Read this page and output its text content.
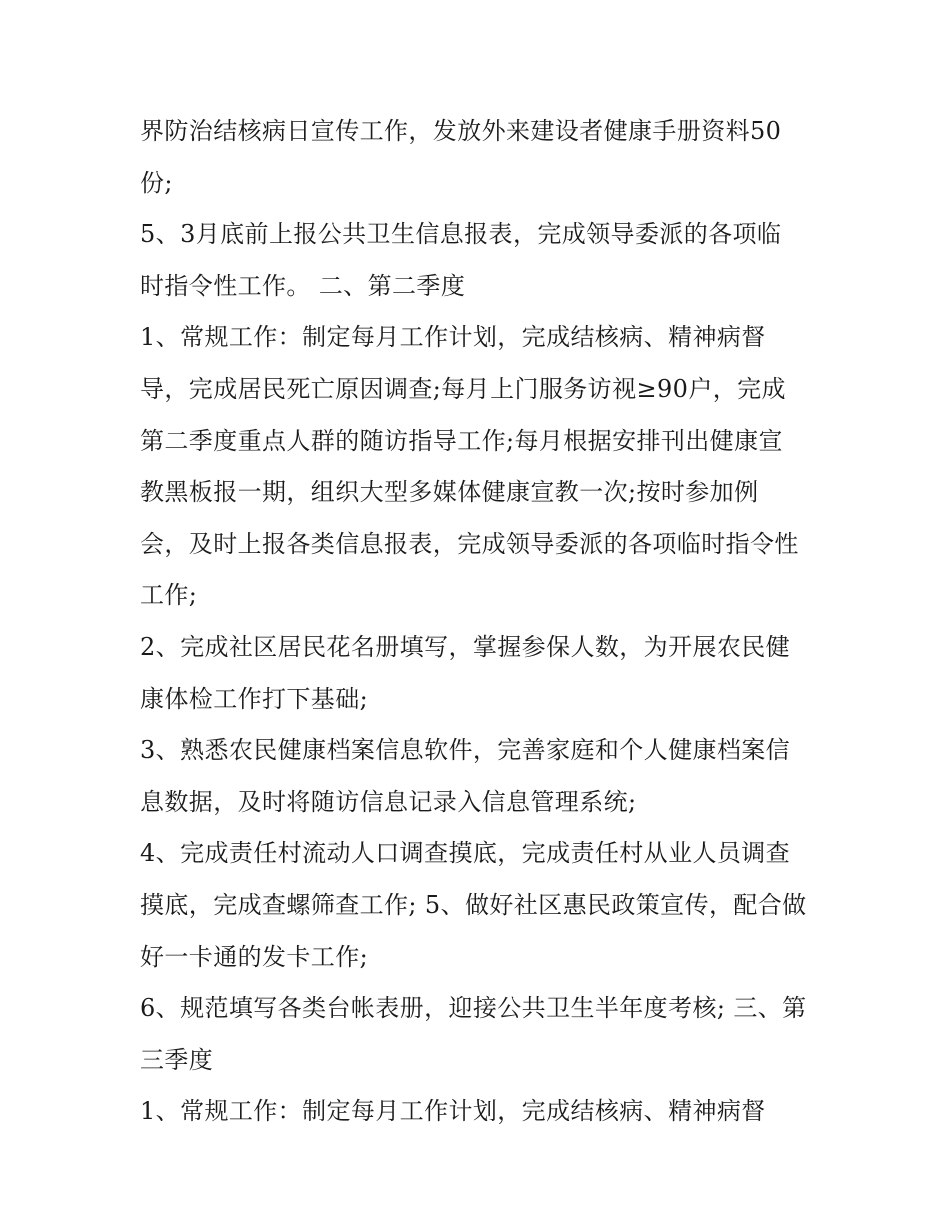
界防治结核病日宣传工作，发放外来建设者健康手册资料50
份;
5、3月底前上报公共卫生信息报表，完成领导委派的各项临
时指令性工作。 二、第二季度
1、常规工作：制定每月工作计划，完成结核病、精神病督
导，完成居民死亡原因调查;每月上门服务访视≥90户，完成
第二季度重点人群的随访指导工作;每月根据安排刊出健康宣
教黑板报一期，组织大型多媒体健康宣教一次;按时参加例
会，及时上报各类信息报表，完成领导委派的各项临时指令性
工作;
2、完成社区居民花名册填写，掌握参保人数，为开展农民健
康体检工作打下基础;
3、熟悉农民健康档案信息软件，完善家庭和个人健康档案信
息数据，及时将随访信息记录入信息管理系统;
4、完成责任村流动人口调查摸底，完成责任村从业人员调查
摸底，完成查螺筛查工作; 5、做好社区惠民政策宣传，配合做
好一卡通的发卡工作;
6、规范填写各类台帐表册，迎接公共卫生半年度考核; 三、第
三季度
1、常规工作：制定每月工作计划，完成结核病、精神病督
